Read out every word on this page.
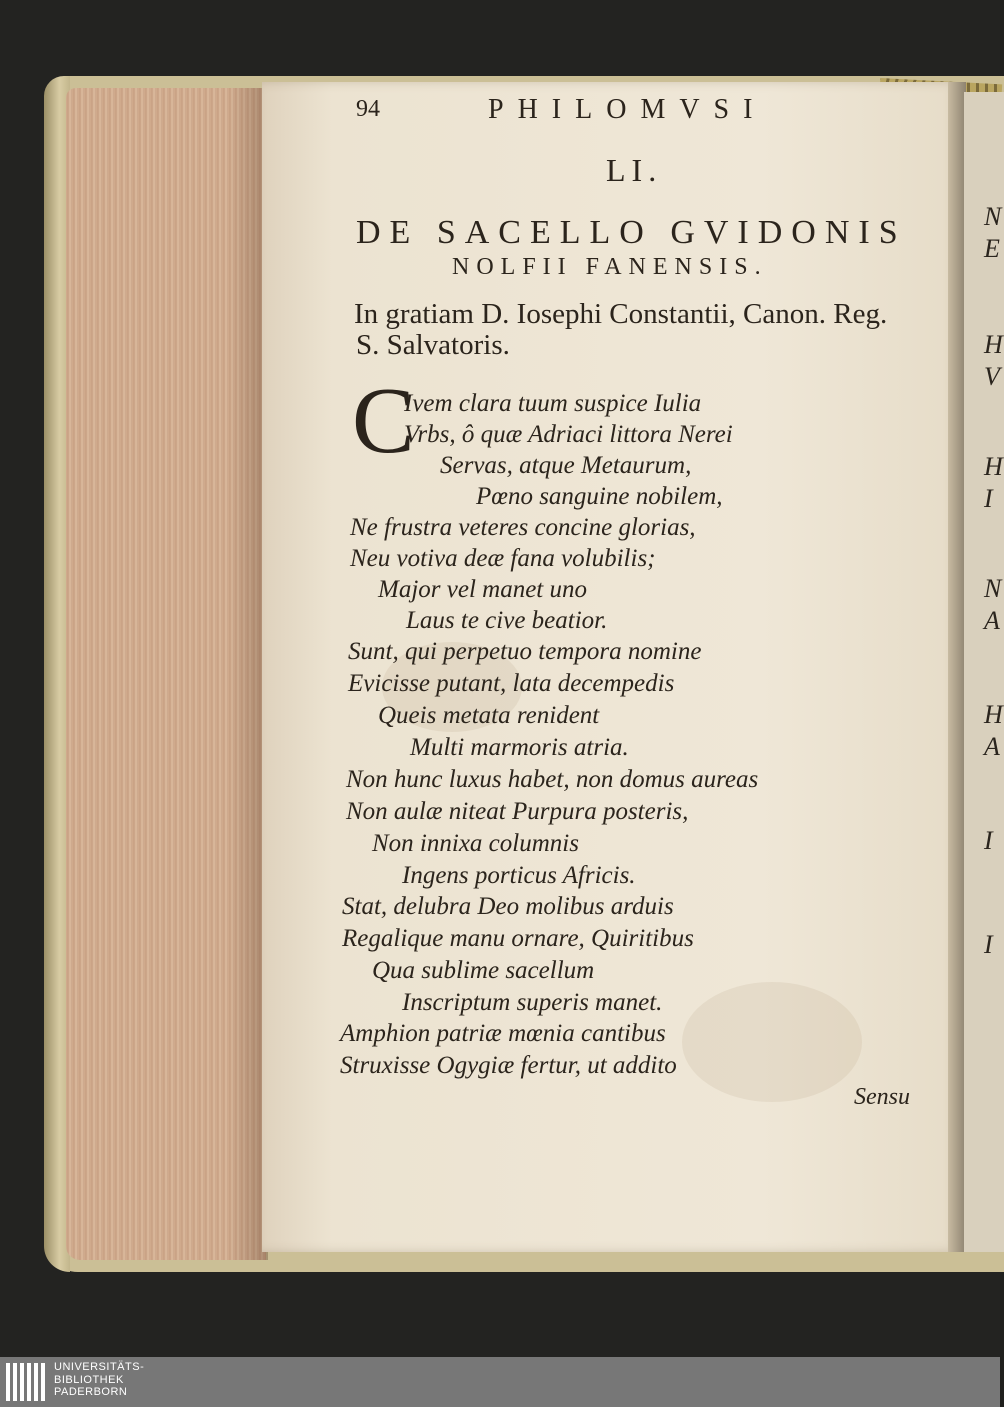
N
E
H
V
H
I
N
A
H
A
I
I
94	PHILOMVSI
LI.
DE SACELLO GVIDONIS
NOLFII FANENSIS.
In gratiam D. Iosephi Constantii, Canon. Reg.
S. Salvatoris.
C
Ivem clara tuum suspice Iulia
Vrbs, ô quæ Adriaci littora Nerei
Servas, atque Metaurum,
Pœno sanguine nobilem,
Ne frustra veteres concine glorias,
Neu votiva deæ fana volubilis;
Major vel manet uno
Laus te cive beatior.
Sunt, qui perpetuo tempora nomine
Evicisse putant, lata decempedis
Queis metata renident
Multi marmoris atria.
Non hunc luxus habet, non domus aureas
Non aulæ niteat Purpura posteris,
Non innixa columnis
Ingens porticus Africis.
Stat, delubra Deo molibus arduis
Regalique manu ornare, Quiritibus
Qua sublime sacellum
Inscriptum superis manet.
Amphion patriæ mœnia cantibus
Struxisse Ogygiæ fertur, ut addito
Sensu
UNIVERSITÄTS-
BIBLIOTHEK
PADERBORN
